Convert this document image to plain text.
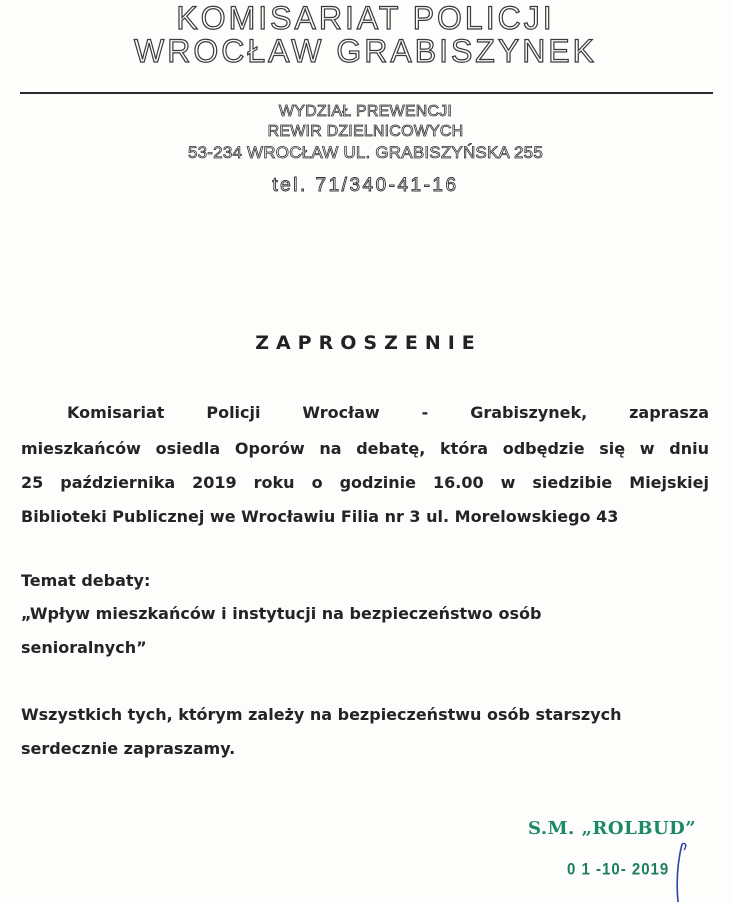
KOMISARIAT POLICJI
WROCŁAW GRABISZYNEK
WYDZIAŁ PREWENCJI
REWIR DZIELNICOWYCH
53-234 WROCŁAW UL. GRABISZYŃSKA 255
tel. 71/340-41-16
ZAPROSZENIE
Komisariat Policji Wrocław - Grabiszynek, zaprasza
mieszkańców osiedla Oporów na debatę, która odbędzie się w dniu
25 października 2019 roku o godzinie 16.00 w siedzibie Miejskiej
Biblioteki Publicznej we Wrocławiu Filia nr 3 ul. Morelowskiego 43
Temat debaty:
„Wpływ mieszkańców i instytucji na bezpieczeństwo osób
senioralnych”
Wszystkich tych, którym zależy na bezpieczeństwu osób starszych
serdecznie zapraszamy.
S.M. „ROLBUD”
0 1 -10- 2019
